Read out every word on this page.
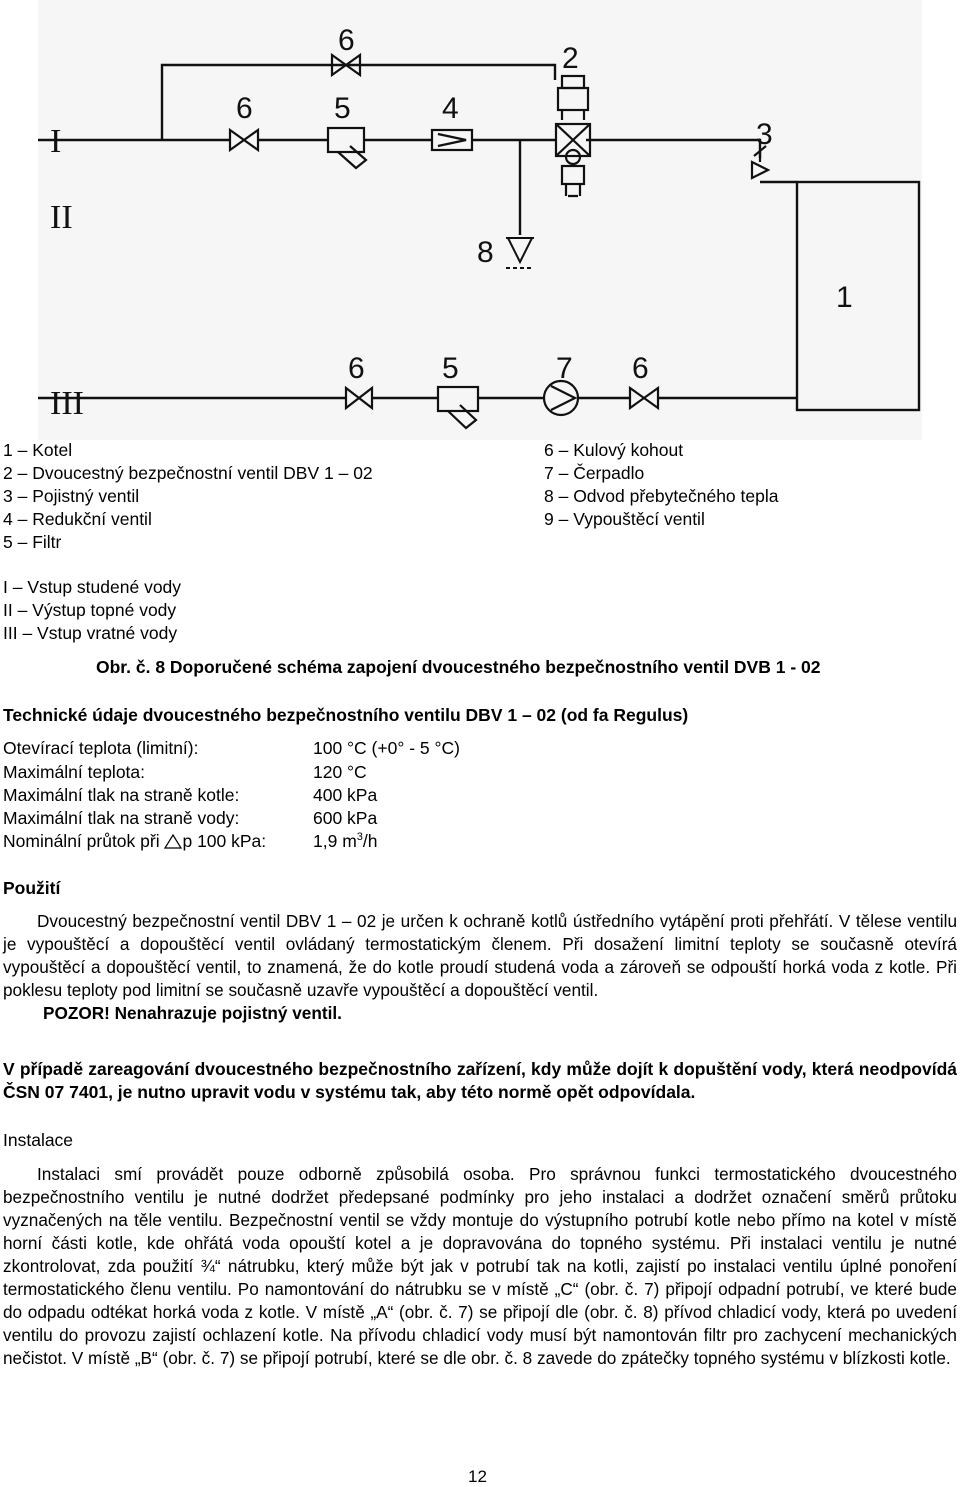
6
2
6	5	4
3
8
1
6	5	7 6
I
II
III
1 – Kotel
2 – Dvoucestný bezpečnostní ventil DBV 1 – 02
3 – Pojistný ventil
4 – Redukční ventil
5 – Filtr
6 – Kulový kohout
7 – Čerpadlo
8 – Odvod přebytečného tepla
9 – Vypouštěcí ventil
I – Vstup studené vody
II – Výstup topné vody
III – Vstup vratné vody
Obr. č. 8 Doporučené schéma zapojení dvoucestného bezpečnostního ventil DVB 1 - 02
Technické údaje dvoucestného bezpečnostního ventilu DBV 1 – 02 (od fa Regulus)
Otevírací teplota (limitní):	100 °C (+0° - 5 °C)
Maximální teplota:	120 °C
Maximální tlak na straně kotle:	400 kPa
Maximální tlak na straně vody:	600 kPa
Nominální průtok při p 100 kPa:	1,9 $m^3/h$
Použití
Dvoucestný bezpečnostní ventil DBV 1 – 02 je určen k ochraně kotlů ústředního vytápění proti přehřátí. V tělese ventilu je vypouštěcí a dopouštěcí ventil ovládaný termostatickým členem. Při dosažení limitní teploty se současně otevírá vypouštěcí a dopouštěcí ventil, to znamená, že do kotle proudí studená voda a zároveň se odpouští horká voda z kotle. Při poklesu teploty pod limitní se současně uzavře vypouštěcí a dopouštěcí ventil.
POZOR! Nenahrazuje pojistný ventil.
V případě zareagování dvoucestného bezpečnostního zařízení, kdy může dojít k dopuštění vody, která neodpovídá ČSN 07 7401, je nutno upravit vodu v systému tak, aby této normě opět odpovídala.
Instalace
Instalaci smí provádět pouze odborně způsobilá osoba. Pro správnou funkci termostatického dvoucestného bezpečnostního ventilu je nutné dodržet předepsané podmínky pro jeho instalaci a dodržet označení směrů průtoku vyznačených na těle ventilu. Bezpečnostní ventil se vždy montuje do výstupního potrubí kotle nebo přímo na kotel v místě horní části kotle, kde ohřátá voda opouští kotel a je dopravována do topného systému. Při instalaci ventilu je nutné zkontrolovat, zda použití ¾“ nátrubku, který může být jak v potrubí tak na kotli, zajistí po instalaci ventilu úplné ponoření termostatického členu ventilu. Po namontování do nátrubku se v místě „C“ (obr. č. 7) připojí odpadní potrubí, ve které bude do odpadu odtékat horká voda z kotle. V místě „A“ (obr. č. 7) se připojí dle (obr. č. 8) přívod chladicí vody, která po uvedení ventilu do provozu zajistí ochlazení kotle. Na přívodu chladicí vody musí být namontován filtr pro zachycení mechanických nečistot. V místě „B“ (obr. č. 7) se připojí potrubí, které se dle obr. č. 8 zavede do zpátečky topného systému v blízkosti kotle.
12
